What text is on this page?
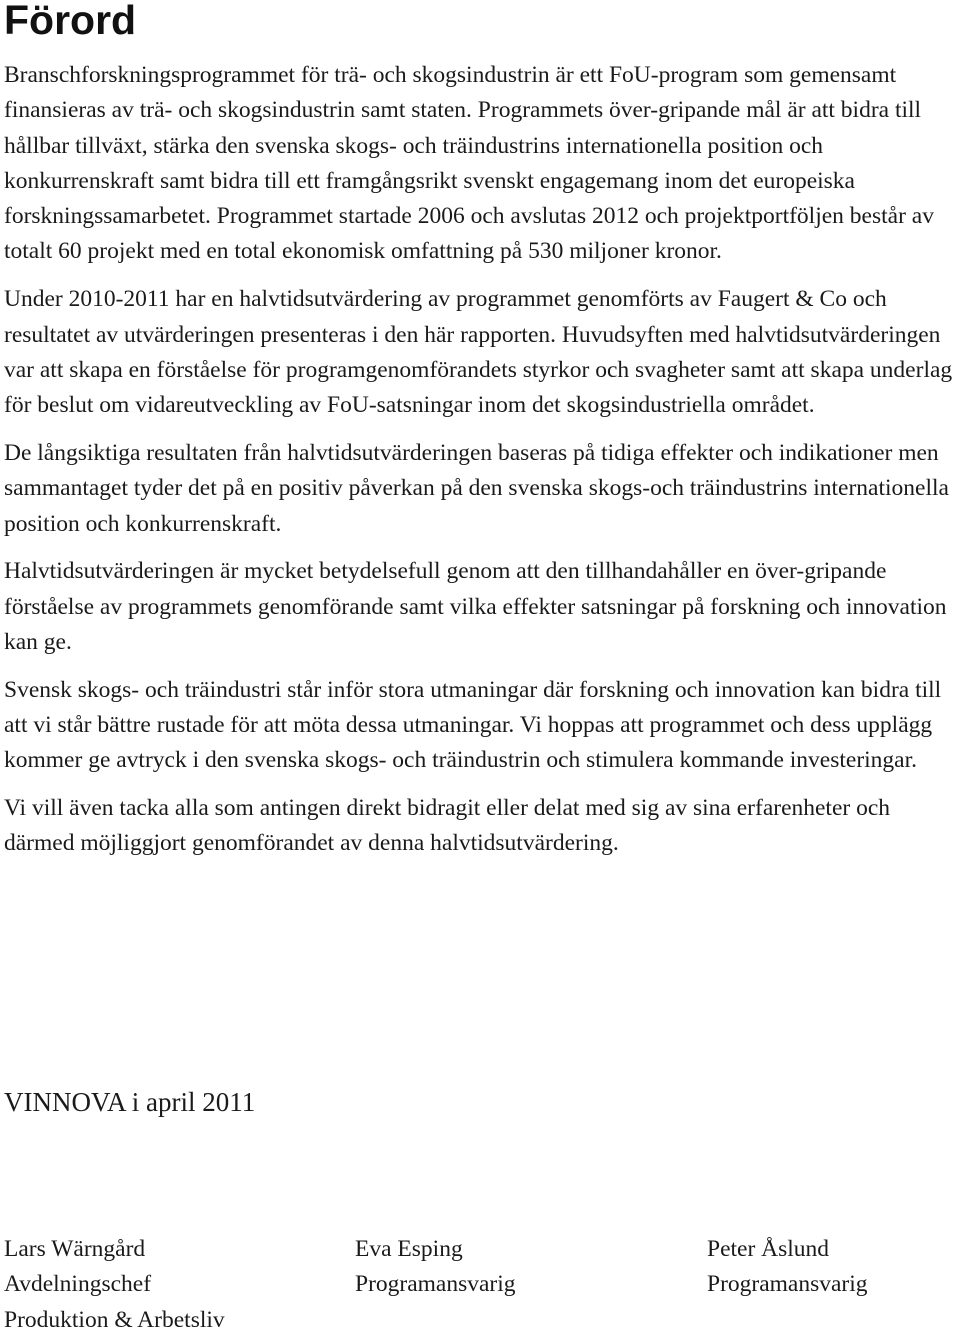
Förord

Branschforskningsprogrammet för trä- och skogsindustrin är ett FoU-program som gemensamt finansieras av trä- och skogsindustrin samt staten. Programmets över-gripande mål är att bidra till hållbar tillväxt, stärka den svenska skogs- och träindustrins internationella position och konkurrenskraft samt bidra till ett framgångsrikt svenskt engagemang inom det europeiska forskningssamarbetet. Programmet startade 2006 och avslutas 2012 och projektportföljen består av totalt 60 projekt med en total ekonomisk omfattning på 530 miljoner kronor.

Under 2010-2011 har en halvtidsutvärdering av programmet genomförts av Faugert & Co och resultatet av utvärderingen presenteras i den här rapporten. Huvudsyften med halvtidsutvärderingen var att skapa en förståelse för programgenomförandets styrkor och svagheter samt att skapa underlag för beslut om vidareutveckling av FoU-satsningar inom det skogsindustriella området.

De långsiktiga resultaten från halvtidsutvärderingen baseras på tidiga effekter och indikationer men sammantaget tyder det på en positiv påverkan på den svenska skogs-och träindustrins internationella position och konkurrenskraft.

Halvtidsutvärderingen är mycket betydelsefull genom att den tillhandahåller en över-gripande förståelse av programmets genomförande samt vilka effekter satsningar på forskning och innovation kan ge.

Svensk skogs- och träindustri står inför stora utmaningar där forskning och innovation kan bidra till att vi står bättre rustade för att möta dessa utmaningar. Vi hoppas att programmet och dess upplägg kommer ge avtryck i den svenska skogs- och träindustrin och stimulera kommande investeringar.

Vi vill även tacka alla som antingen direkt bidragit eller delat med sig av sina erfarenheter och därmed möjliggjort genomförandet av denna halvtidsutvärdering.

VINNOVA i april 2011
Lars Wärngård
Avdelningschef
Produktion & Arbetsliv
Eva Esping
Programansvarig
Peter Åslund
Programansvarig
